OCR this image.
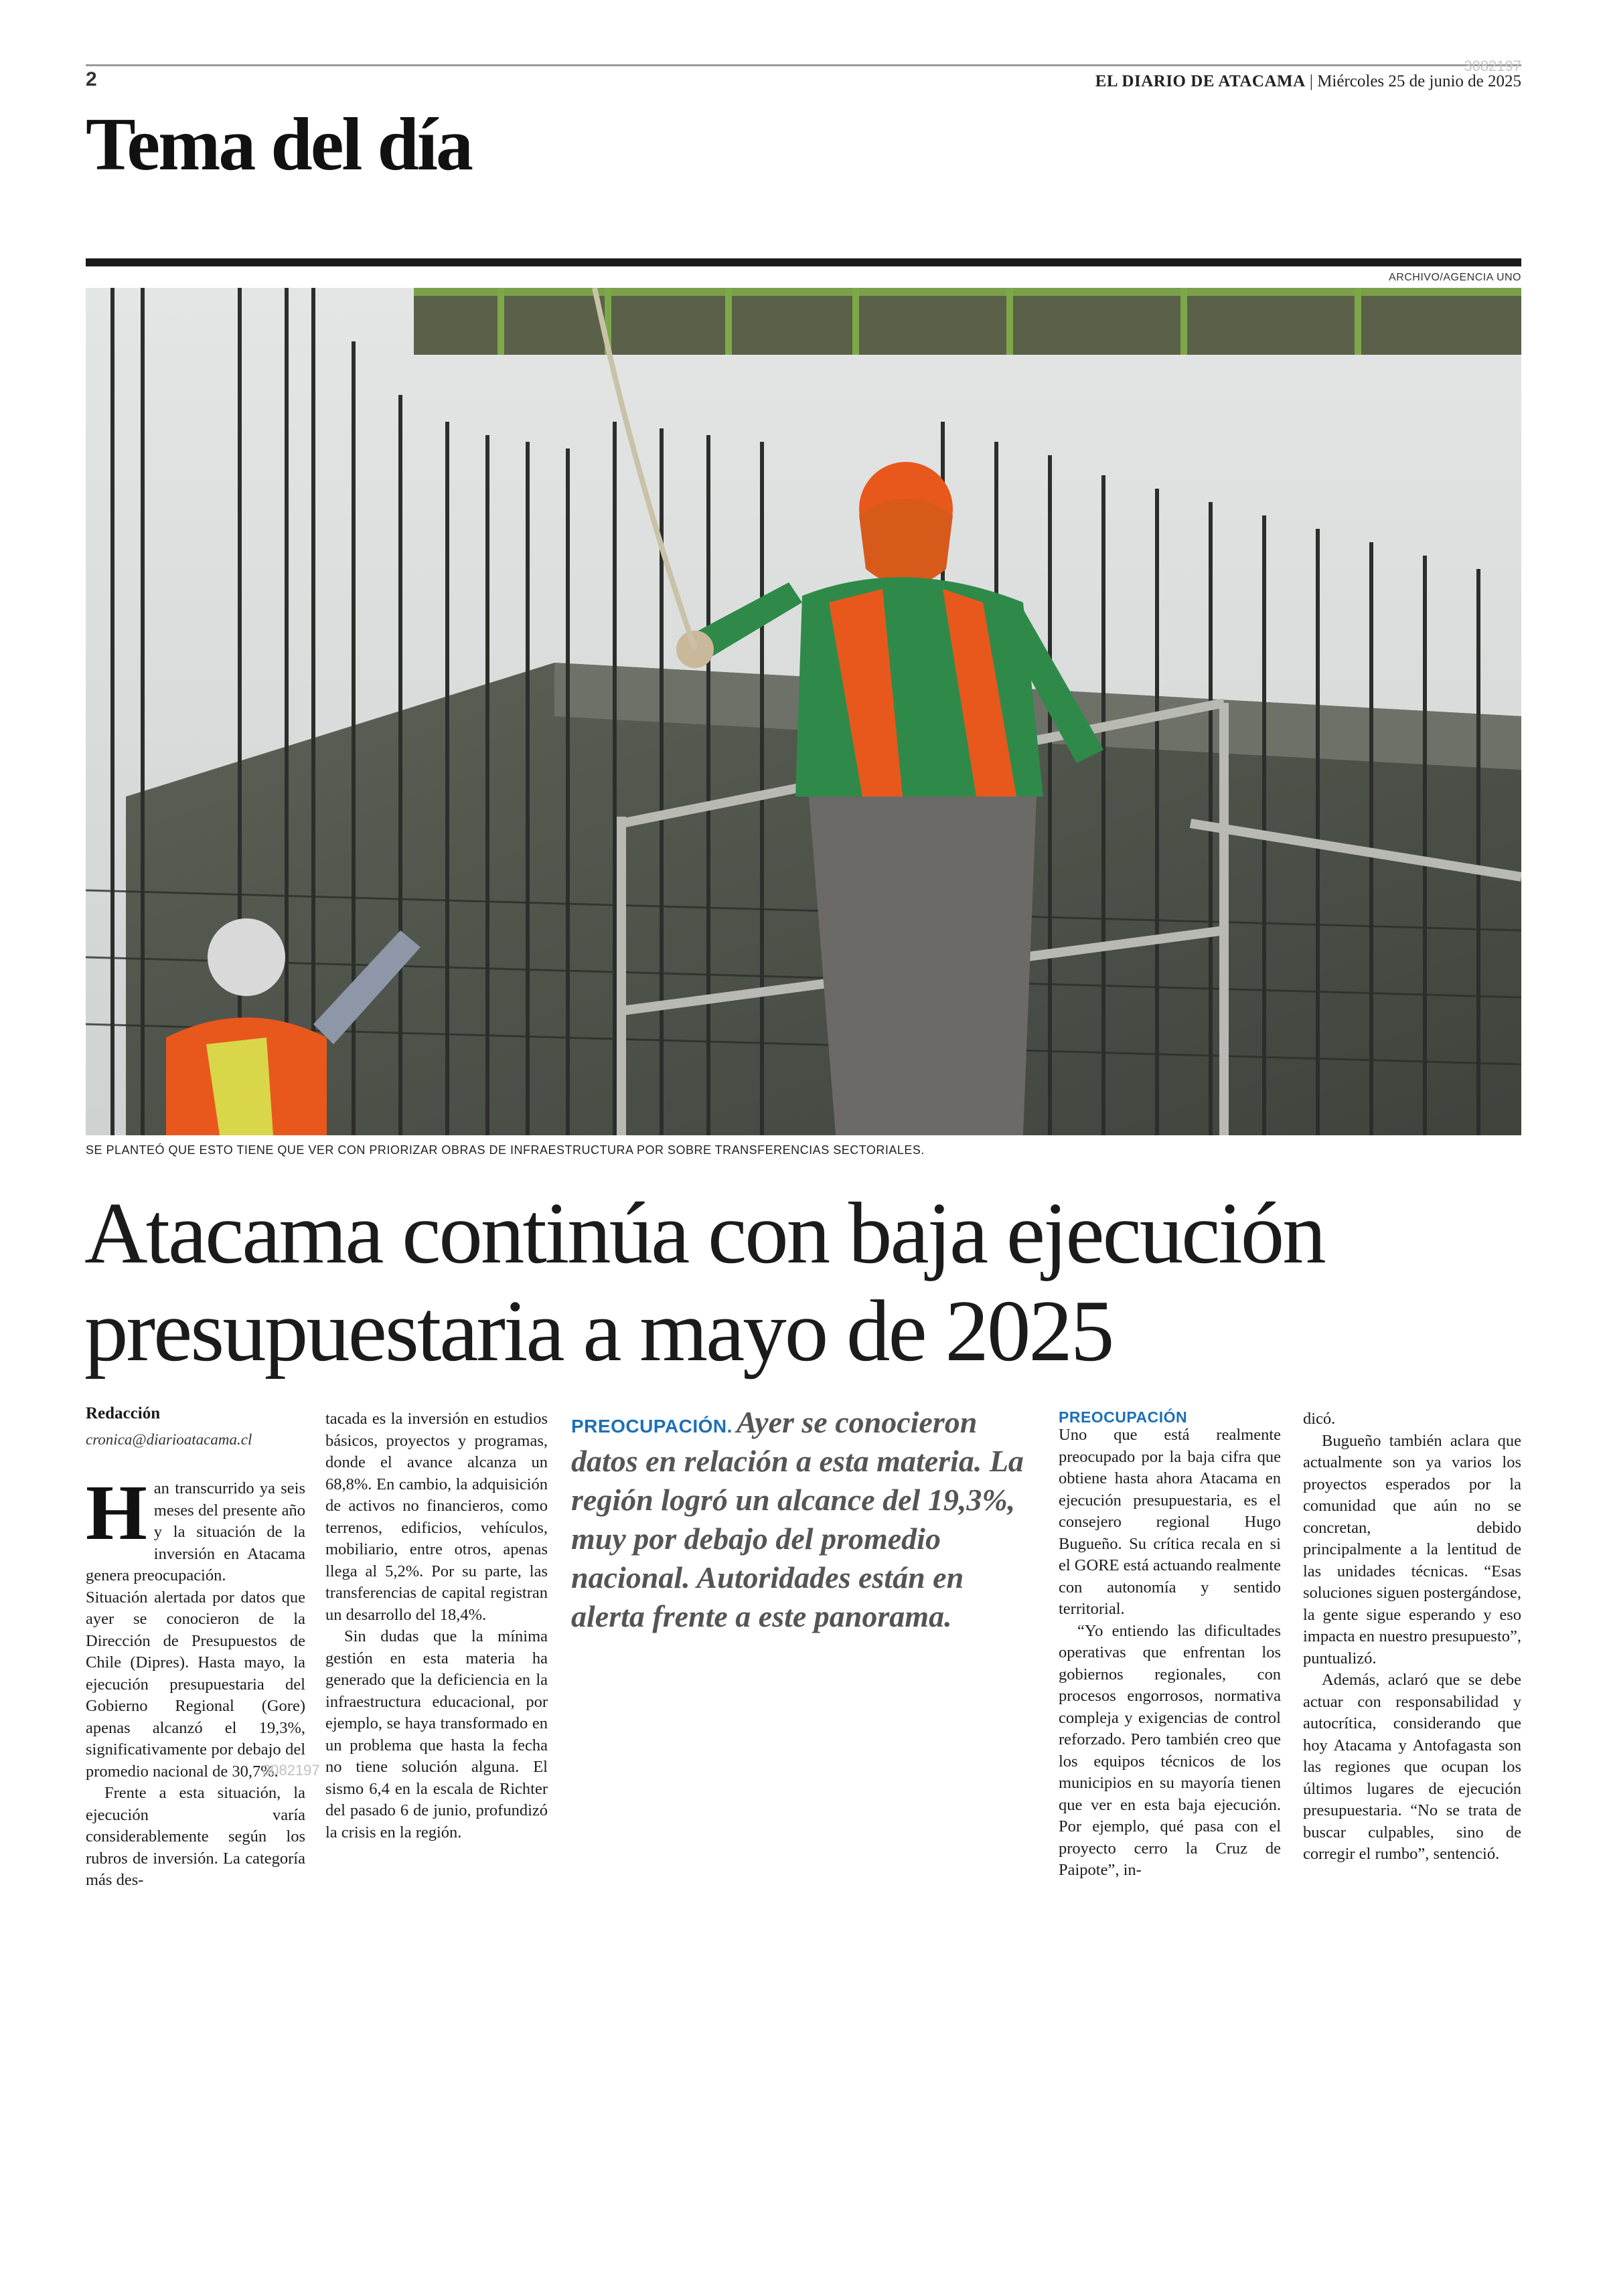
2
3082197
EL DIARIO DE ATACAMA | Miércoles 25 de junio de 2025
Tema del día
ARCHIVO/AGENCIA UNO
SE PLANTEÓ QUE ESTO TIENE QUE VER CON PRIORIZAR OBRAS DE INFRAESTRUCTURA POR SOBRE TRANSFERENCIAS SECTORIALES.
Atacama continúa con baja ejecución
presupuestaria a mayo de 2025
Redacción
cronica@diarioatacama.cl

Han transcurrido ya seis meses del presente año y la situación de la inversión en Atacama genera preocupación.

Situación alertada por datos que ayer se conocieron de la Dirección de Presupuestos de Chile (Dipres). Hasta mayo, la ejecución presupuestaria del Gobierno Regional (Gore) apenas alcanzó el 19,3%, significativamente por debajo del promedio nacional de 30,7%.

Frente a esta situación, la ejecución varía considerablemente según los rubros de inversión. La categoría más des-

tacada es la inversión en estudios básicos, proyectos y programas, donde el avance alcanza un 68,8%. En cambio, la adquisición de activos no financieros, como terrenos, edificios, vehículos, mobiliario, entre otros, apenas llega al 5,2%. Por su parte, las transferencias de capital registran un desarrollo del 18,4%.

Sin dudas que la mínima gestión en esta materia ha generado que la deficiencia en la infraestructura educacional, por ejemplo, se haya transformado en un problema que hasta la fecha no tiene solución alguna. El sismo 6,4 en la escala de Richter del pasado 6 de junio, profundizó la crisis en la región.

PREOCUPACIÓN. Ayer se conocieron datos en relación a esta materia. La región logró un alcance del 19,3%, muy por debajo del promedio nacional. Autoridades están en alerta frente a este panorama.
PREOCUPACIÓN

Uno que está realmente preocupado por la baja cifra que obtiene hasta ahora Atacama en ejecución presupuestaria, es el consejero regional Hugo Bugueño. Su crítica recala en si el GORE está actuando realmente con autonomía y sentido territorial.

“Yo entiendo las dificultades operativas que enfrentan los gobiernos regionales, con procesos engorrosos, normativa compleja y exigencias de control reforzado. Pero también creo que los equipos técnicos de los municipios en su mayoría tienen que ver en esta baja ejecución. Por ejemplo, qué pasa con el proyecto cerro la Cruz de Paipote”, in-

dicó.

Bugueño también aclara que actualmente son ya varios los proyectos esperados por la comunidad que aún no se concretan, debido principalmente a la lentitud de las unidades técnicas. “Esas soluciones siguen postergándose, la gente sigue esperando y eso impacta en nuestro presupuesto”, puntualizó.

Además, aclaró que se debe actuar con responsabilidad y autocrítica, considerando que hoy Atacama y Antofagasta son las regiones que ocupan los últimos lugares de ejecución presupuestaria. “No se trata de buscar culpables, sino de corregir el rumbo”, sentenció.

3082197
